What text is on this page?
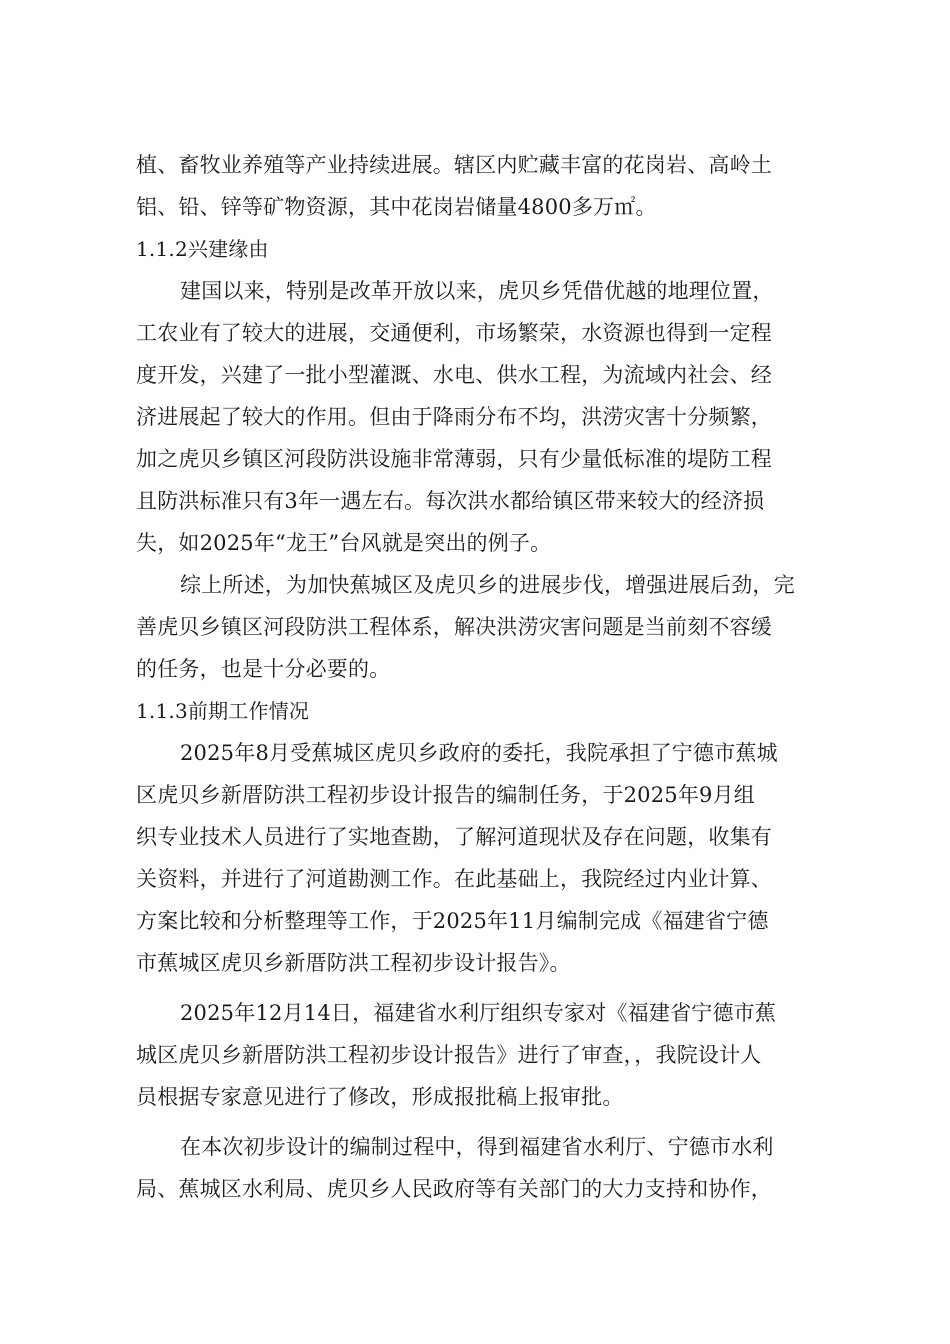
植、畜牧业养殖等产业持续进展。辖区内贮藏丰富的花岗岩、高岭土
铝、铅、锌等矿物资源，其中花岗岩储量4800多万㎡。

1.1.2兴建缘由

建国以来，特别是改革开放以来，虎贝乡凭借优越的地理位置，
工农业有了较大的进展，交通便利，市场繁荣，水资源也得到一定程
度开发，兴建了一批小型灌溉、水电、供水工程，为流域内社会、经
济进展起了较大的作用。但由于降雨分布不均，洪涝灾害十分频繁，
加之虎贝乡镇区河段防洪设施非常薄弱，只有少量低标准的堤防工程
且防洪标准只有3年一遇左右。每次洪水都给镇区带来较大的经济损
失，如2025年“龙王”台风就是突出的例子。

综上所述，为加快蕉城区及虎贝乡的进展步伐，增强进展后劲，完
善虎贝乡镇区河段防洪工程体系，解决洪涝灾害问题是当前刻不容缓
的任务，也是十分必要的。

1.1.3前期工作情况

2025年8月受蕉城区虎贝乡政府的委托，我院承担了宁德市蕉城
区虎贝乡新厝防洪工程初步设计报告的编制任务，于2025年9月组
织专业技术人员进行了实地查勘，了解河道现状及存在问题，收集有
关资料，并进行了河道勘测工作。在此基础上，我院经过内业计算、
方案比较和分析整理等工作，于2025年11月编制完成《福建省宁德
市蕉城区虎贝乡新厝防洪工程初步设计报告》。

2025年12月14日，福建省水利厅组织专家对《福建省宁德市蕉
城区虎贝乡新厝防洪工程初步设计报告》进行了审查，，我院设计人
员根据专家意见进行了修改，形成报批稿上报审批。

在本次初步设计的编制过程中，得到福建省水利厅、宁德市水利
局、蕉城区水利局、虎贝乡人民政府等有关部门的大力支持和协作，
